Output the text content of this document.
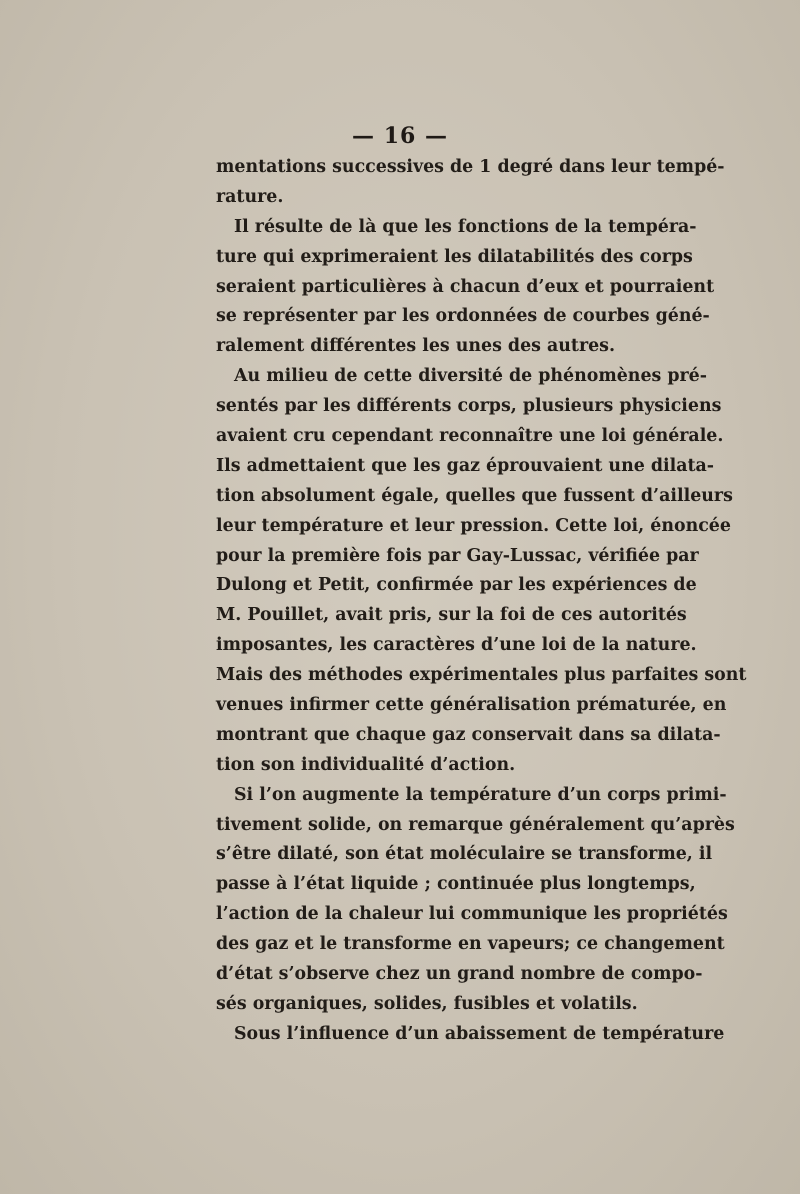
— 16 —
mentations successives de 1 degré dans leur tempé-
rature.
Il résulte de là que les fonctions de la tempéra-
ture qui exprimeraient les dilatabilités des corps
seraient particulières à chacun d’eux et pourraient
se représenter par les ordonnées de courbes géné-
ralement différentes les unes des autres.
Au milieu de cette diversité de phénomènes pré-
sentés par les différents corps, plusieurs physiciens
avaient cru cependant reconnaître une loi générale.
Ils admettaient que les gaz éprouvaient une dilata-
tion absolument égale, quelles que fussent d’ailleurs
leur température et leur pression. Cette loi, énoncée
pour la première fois par Gay-Lussac, vérifiée par
Dulong et Petit, confirmée par les expériences de
M. Pouillet, avait pris, sur la foi de ces autorités
imposantes, les caractères d’une loi de la nature.
Mais des méthodes expérimentales plus parfaites sont
venues infirmer cette généralisation prématurée, en
montrant que chaque gaz conservait dans sa dilata-
tion son individualité d’action.
Si l’on augmente la température d’un corps primi-
tivement solide, on remarque généralement qu’après
s’être dilaté, son état moléculaire se transforme, il
passe à l’état liquide ; continuée plus longtemps,
l’action de la chaleur lui communique les propriétés
des gaz et le transforme en vapeurs; ce changement
d’état s’observe chez un grand nombre de compo-
sés organiques, solides, fusibles et volatils.
Sous l’influence d’un abaissement de température
